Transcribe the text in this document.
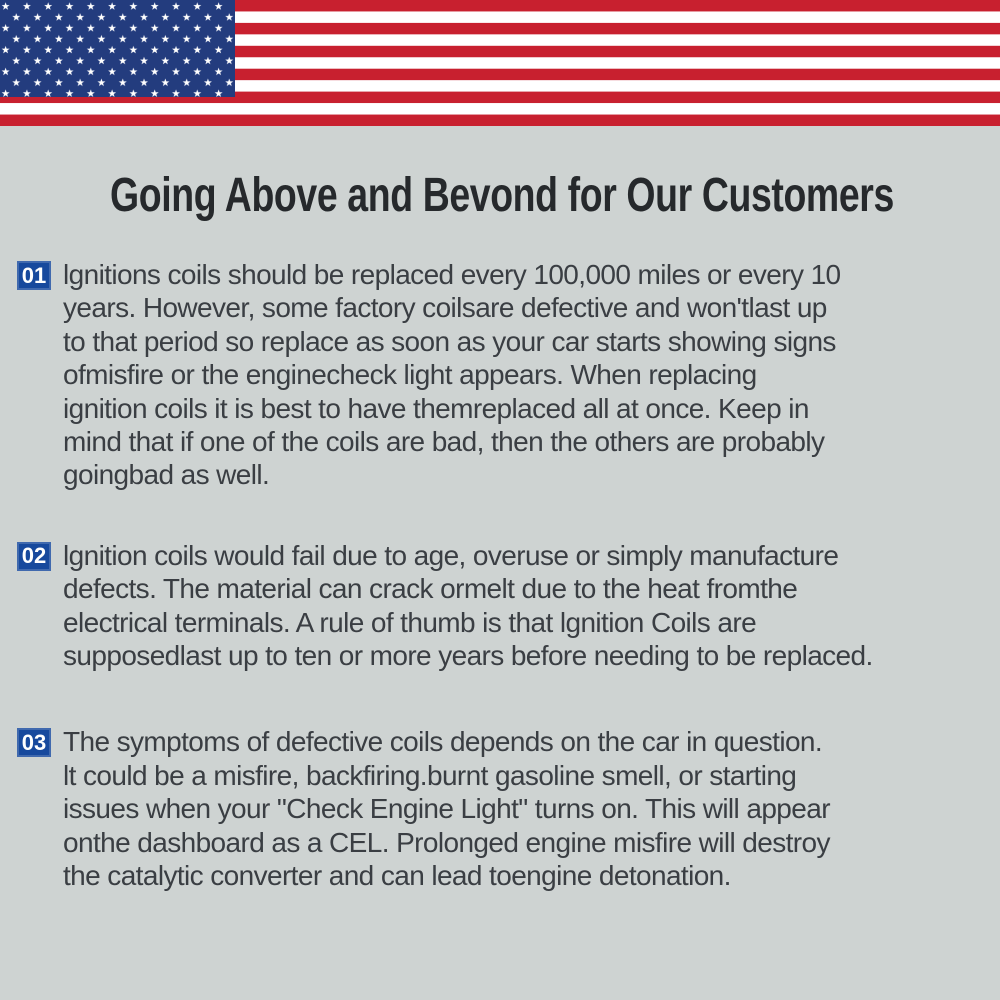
Going Above and Bevond for Our Customers
01 lgnitions coils should be replaced every 100,000 miles or every 10
years. However, some factory coilsare defective and won'tlast up
to that period so replace as soon as your car starts showing signs
ofmisfire or the enginecheck light appears. When replacing
ignition coils it is best to have themreplaced all at once. Keep in
mind that if one of the coils are bad, then the others are probably
goingbad as well.
02 lgnition coils would fail due to age, overuse or simply manufacture
defects. The material can crack ormelt due to the heat fromthe
electrical terminals. A rule of thumb is that lgnition Coils are
supposedlast up to ten or more years before needing to be replaced.
03 The symptoms of defective coils depends on the car in question.
lt could be a misfire, backfiring.burnt gasoline smell, or starting
issues when your "Check Engine Light" turns on. This will appear
onthe dashboard as a CEL. Prolonged engine misfire will destroy
the catalytic converter and can lead toengine detonation.
